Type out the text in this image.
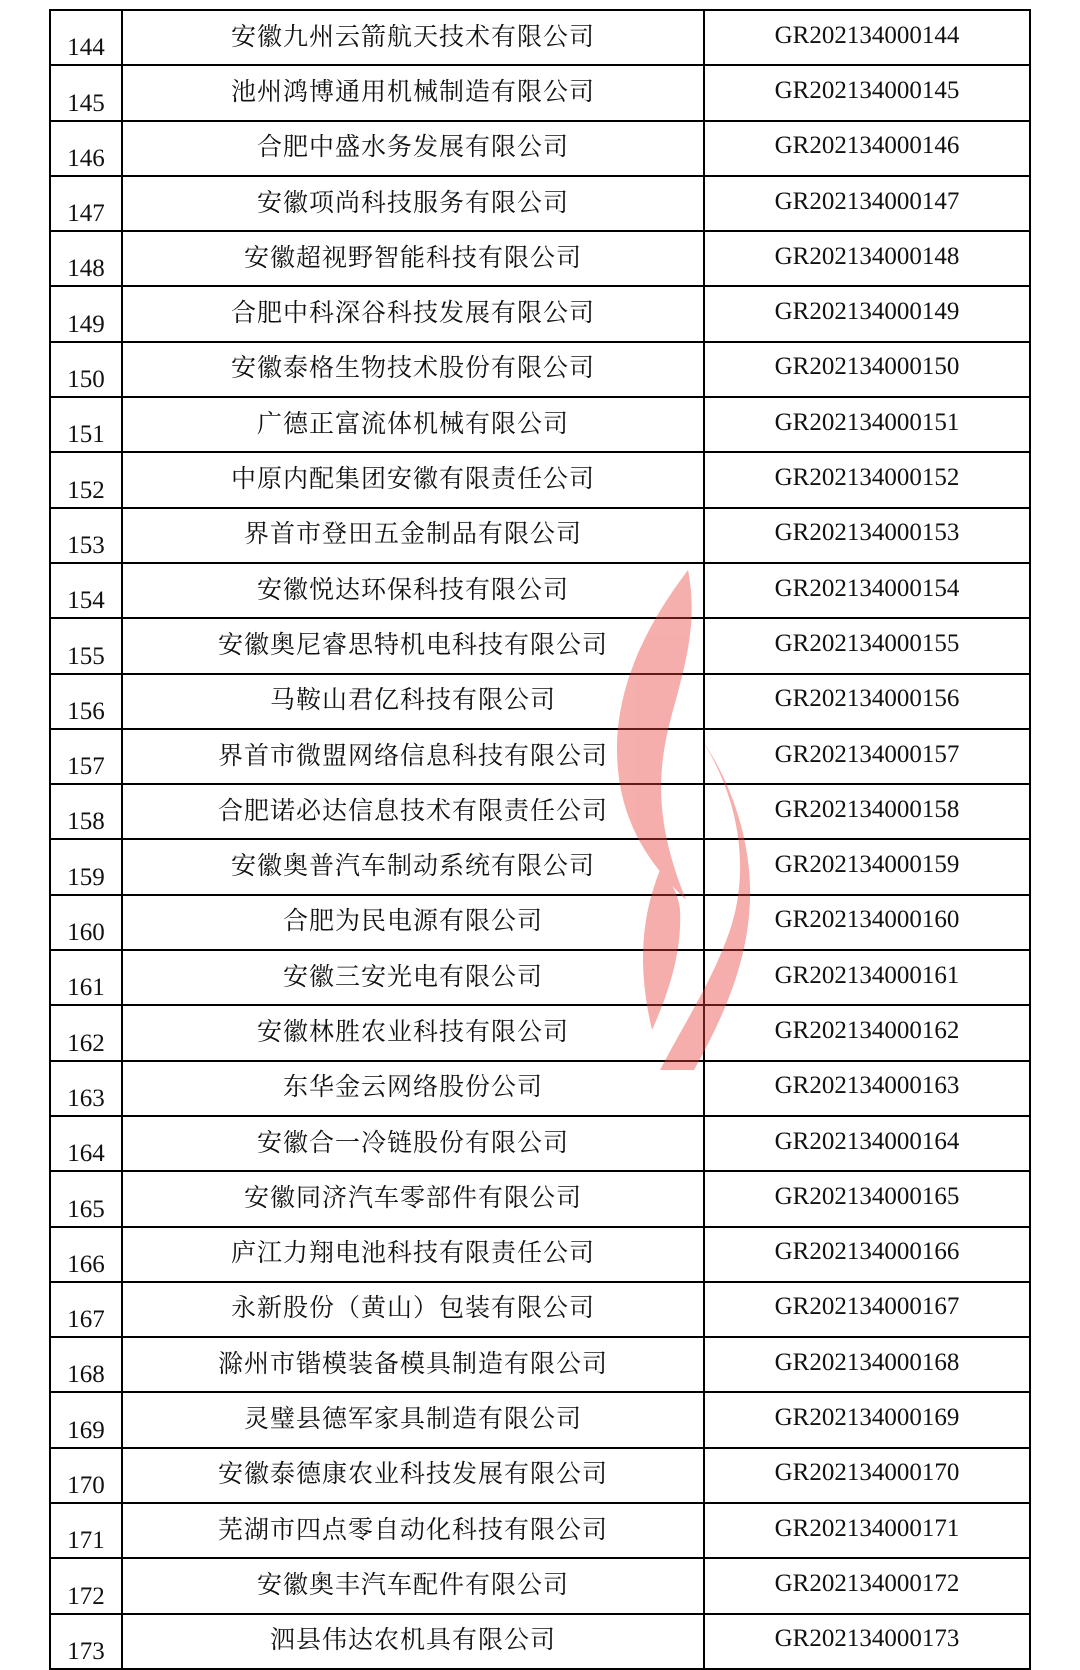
144	安徽九州云箭航天技术有限公司	GR202134000144
145	池州鸿博通用机械制造有限公司	GR202134000145
146	合肥中盛水务发展有限公司	GR202134000146
147	安徽项尚科技服务有限公司	GR202134000147
148	安徽超视野智能科技有限公司	GR202134000148
149	合肥中科深谷科技发展有限公司	GR202134000149
150	安徽泰格生物技术股份有限公司	GR202134000150
151	广德正富流体机械有限公司	GR202134000151
152	中原内配集团安徽有限责任公司	GR202134000152
153	界首市登田五金制品有限公司	GR202134000153
154	安徽悦达环保科技有限公司	GR202134000154
155	安徽奥尼睿思特机电科技有限公司	GR202134000155
156	马鞍山君亿科技有限公司	GR202134000156
157	界首市微盟网络信息科技有限公司	GR202134000157
158	合肥诺必达信息技术有限责任公司	GR202134000158
159	安徽奥普汽车制动系统有限公司	GR202134000159
160	合肥为民电源有限公司	GR202134000160
161	安徽三安光电有限公司	GR202134000161
162	安徽林胜农业科技有限公司	GR202134000162
163	东华金云网络股份公司	GR202134000163
164	安徽合一冷链股份有限公司	GR202134000164
165	安徽同济汽车零部件有限公司	GR202134000165
166	庐江力翔电池科技有限责任公司	GR202134000166
167	永新股份（黄山）包装有限公司	GR202134000167
168	滁州市锴模装备模具制造有限公司	GR202134000168
169	灵璧县德军家具制造有限公司	GR202134000169
170	安徽泰德康农业科技发展有限公司	GR202134000170
171	芜湖市四点零自动化科技有限公司	GR202134000171
172	安徽奥丰汽车配件有限公司	GR202134000172
173	泗县伟达农机具有限公司	GR202134000173
